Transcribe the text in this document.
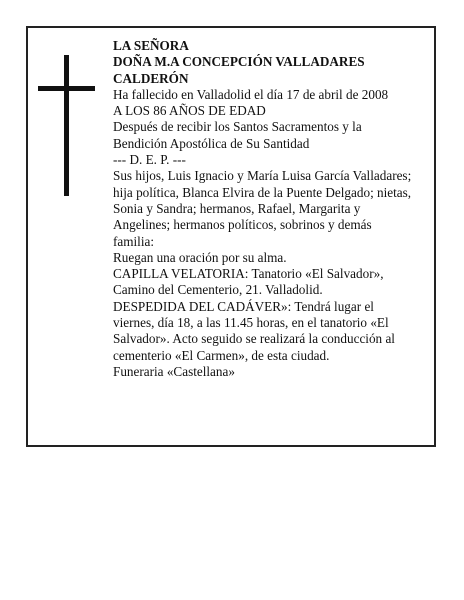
LA SEÑORA

DOÑA M.A CONCEPCIÓN VALLADARES CALDERÓN

Ha fallecido en Valladolid el día 17 de abril de 2008

A LOS 86 AÑOS DE EDAD

Después de recibir los Santos Sacramentos y la Bendición Apostólica de Su Santidad

--- D. E. P. ---

Sus hijos, Luis Ignacio y María Luisa García Valladares; hija política, Blanca Elvira de la Puente Delgado; nietas, Sonia y Sandra; hermanos, Rafael, Margarita y Angelines; hermanos políticos, sobrinos y demás familia:

Ruegan una oración por su alma.

CAPILLA VELATORIA: Tanatorio «El Salvador», Camino del Cementerio, 21. Valladolid.

DESPEDIDA DEL CADÁVER»: Tendrá lugar el viernes, día 18, a las 11.45 horas, en el tanatorio «El Salvador». Acto seguido se realizará la conducción al cementerio «El Carmen», de esta ciudad.

Funeraria «Castellana»
